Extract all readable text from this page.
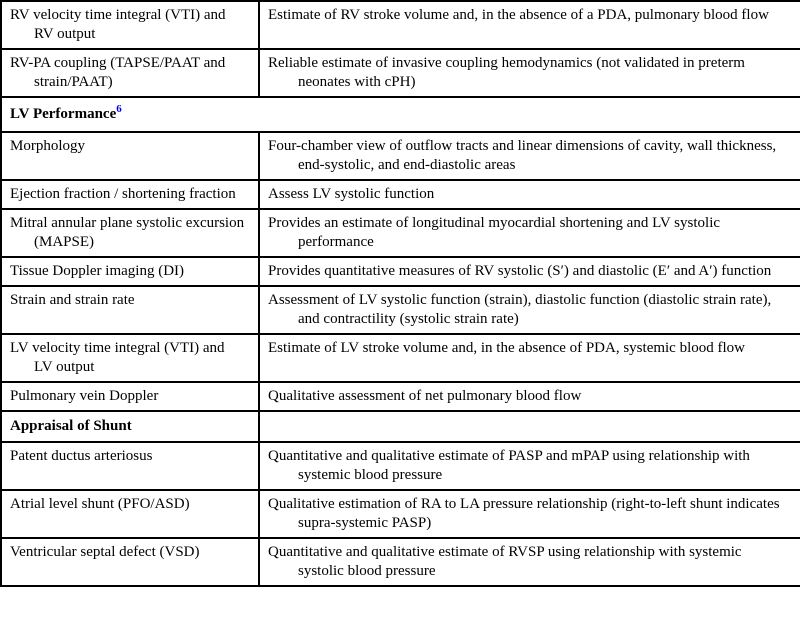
RV velocity time integral (VTI) and RV output	Estimate of RV stroke volume and, in the absence of a PDA, pulmonary blood flow
RV-PA coupling (TAPSE/PAAT and strain/PAAT)	Reliable estimate of invasive coupling hemodynamics (not validated in preterm neonates with cPH)
LV Performance$^6$
Morphology	Four-chamber view of outflow tracts and linear dimensions of cavity, wall thickness, end-systolic, and end-diastolic areas
Ejection fraction / shortening fraction	Assess LV systolic function
Mitral annular plane systolic excursion (MAPSE)	Provides an estimate of longitudinal myocardial shortening and LV systolic performance
Tissue Doppler imaging (DI)	Provides quantitative measures of RV systolic (S′) and diastolic (E′ and A′) function
Strain and strain rate	Assessment of LV systolic function (strain), diastolic function (diastolic strain rate), and contractility (systolic strain rate)
LV velocity time integral (VTI) and LV output	Estimate of LV stroke volume and, in the absence of PDA, systemic blood flow
Pulmonary vein Doppler	Qualitative assessment of net pulmonary blood flow
Appraisal of Shunt	
Patent ductus arteriosus	Quantitative and qualitative estimate of PASP and mPAP using relationship with systemic blood pressure
Atrial level shunt (PFO/ASD)	Qualitative estimation of RA to LA pressure relationship (right-to-left shunt indicates supra-systemic PASP)
Ventricular septal defect (VSD)	Quantitative and qualitative estimate of RVSP using relationship with systemic systolic blood pressure
